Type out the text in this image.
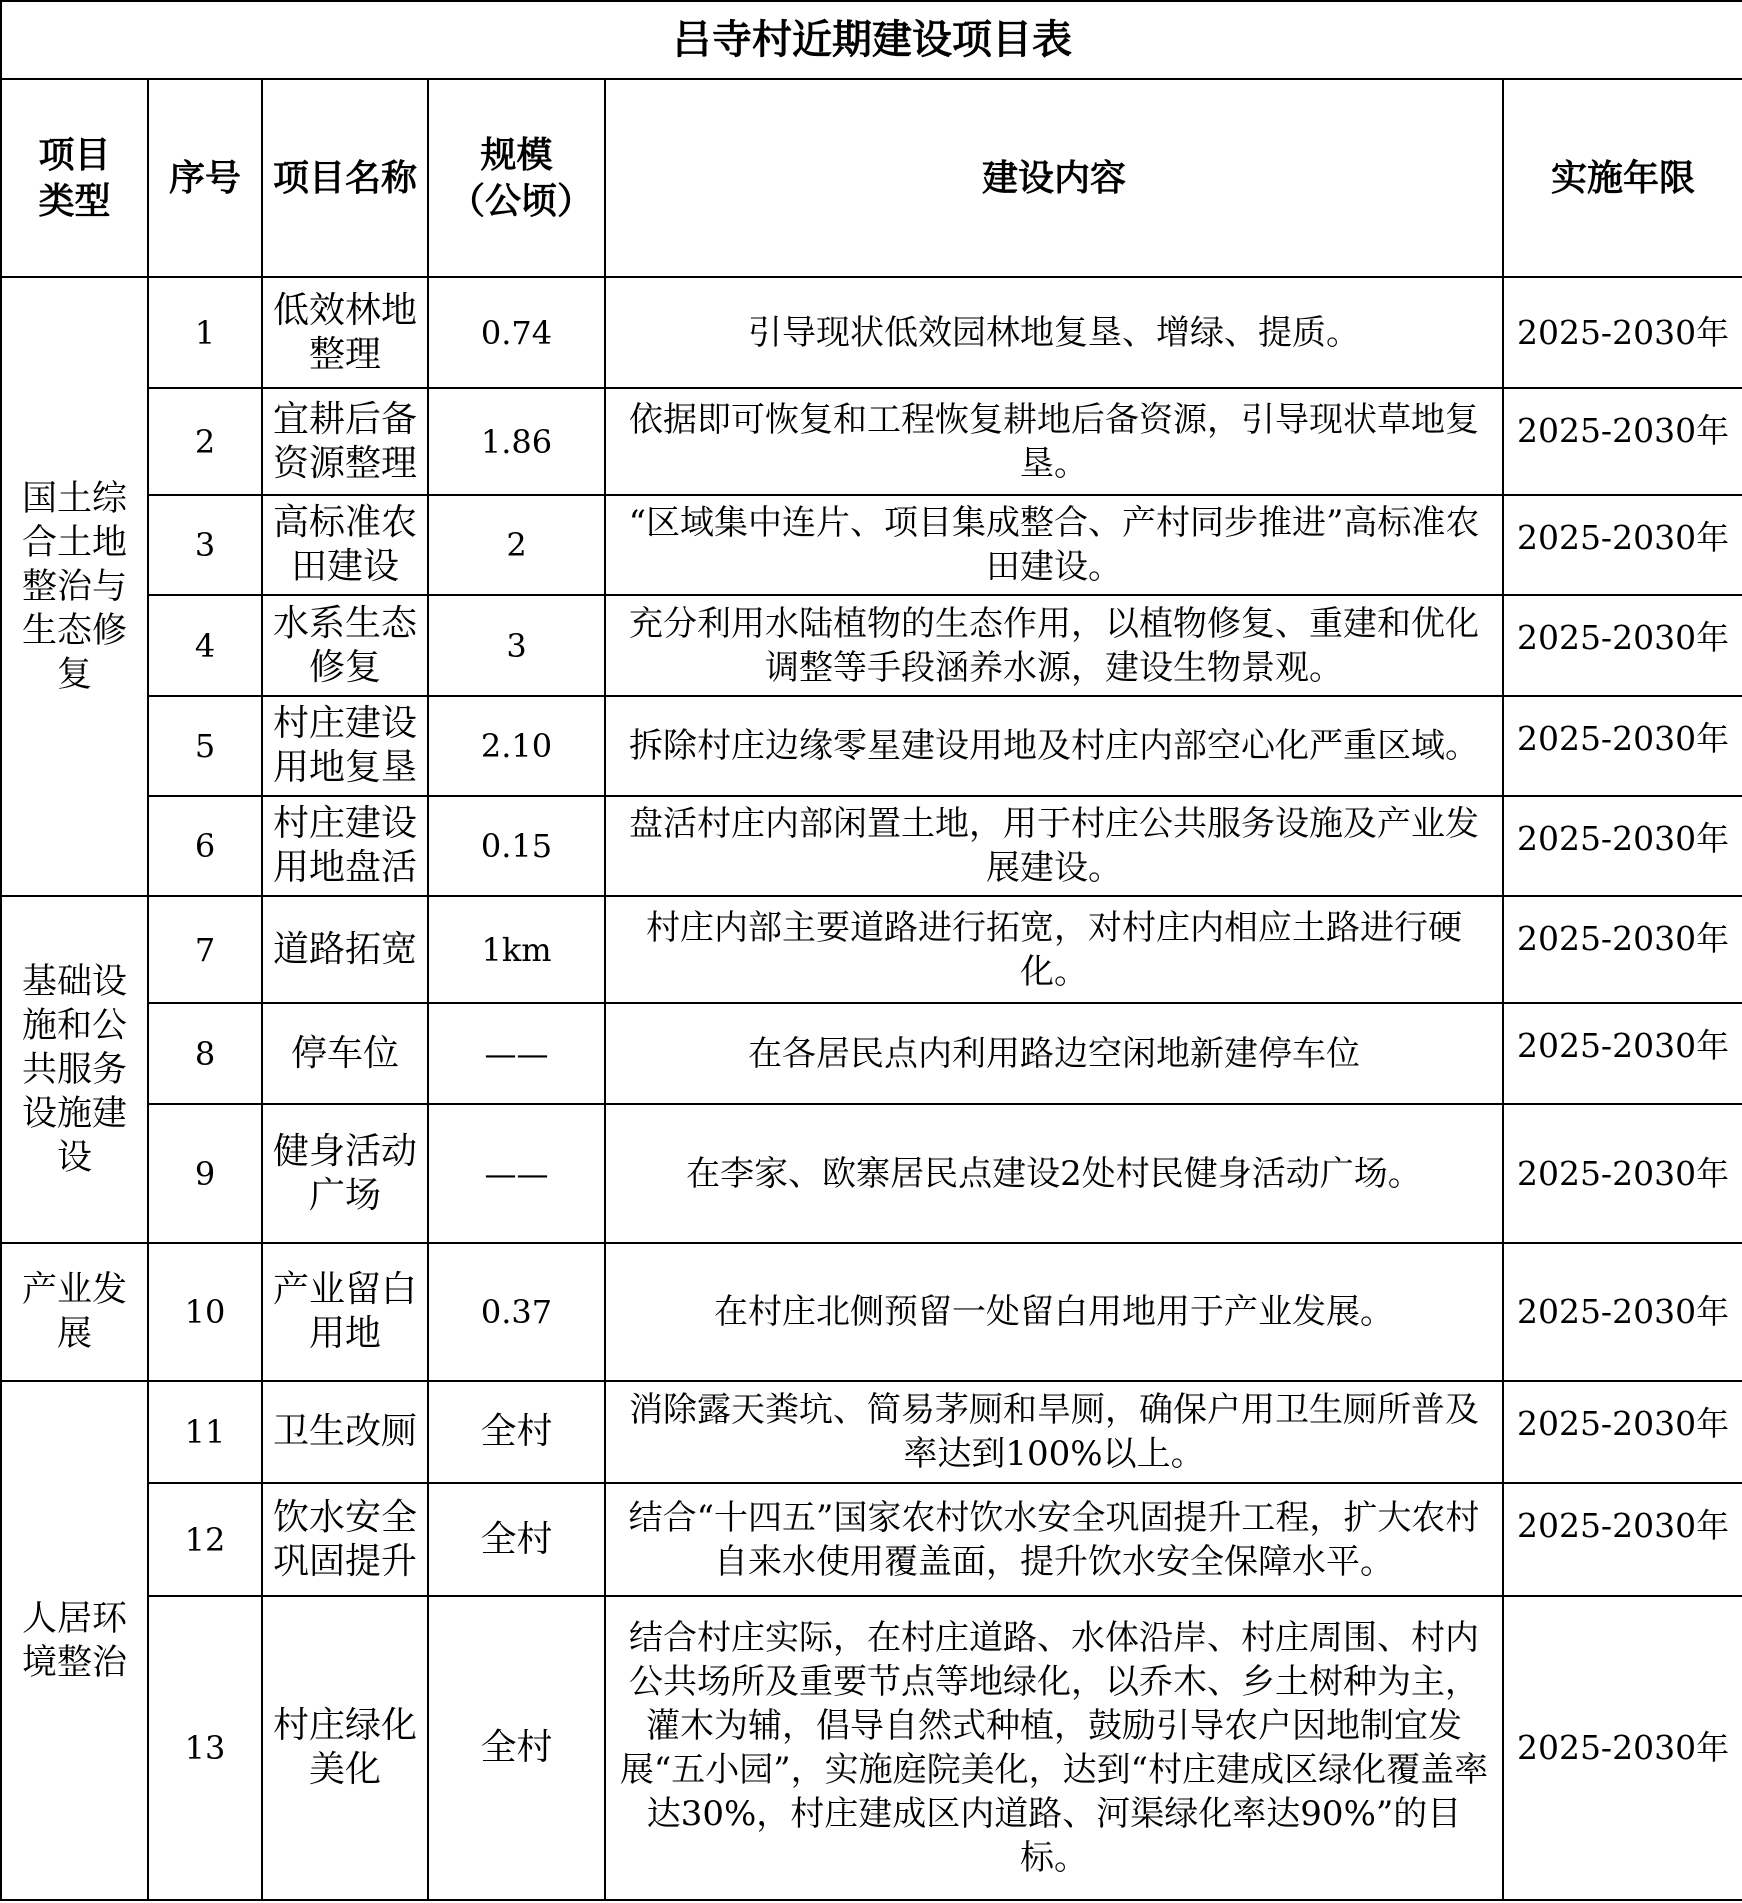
吕寺村近期建设项目表					
项目类型	序号	项目名称	规模（公顷）	建设内容	实施年限
国土综合土地整治与生态修复	1	低效林地整理	0.74	引导现状低效园林地复垦、增绿、提质。	2025-2030年
	2	宜耕后备资源整理	1.86	依据即可恢复和工程恢复耕地后备资源，引导现状草地复垦。	2025-2030年
	3	高标准农田建设	2	“区域集中连片、项目集成整合、产村同步推进”高标准农田建设。	2025-2030年
	4	水系生态修复	3	充分利用水陆植物的生态作用，以植物修复、重建和优化调整等手段涵养水源，建设生物景观。	2025-2030年
	5	村庄建设用地复垦	2.10	拆除村庄边缘零星建设用地及村庄内部空心化严重区域。	2025-2030年
	6	村庄建设用地盘活	0.15	盘活村庄内部闲置土地，用于村庄公共服务设施及产业发展建设。	2025-2030年
基础设施和公共服务设施建设	7	道路拓宽	1km	村庄内部主要道路进行拓宽，对村庄内相应土路进行硬化。	2025-2030年
	8	停车位	——	在各居民点内利用路边空闲地新建停车位	2025-2030年
	9	健身活动广场	——	在李家、欧寨居民点建设2处村民健身活动广场。	2025-2030年
产业发展	10	产业留白用地	0.37	在村庄北侧预留一处留白用地用于产业发展。	2025-2030年
人居环境整治	11	卫生改厕	全村	消除露天粪坑、简易茅厕和旱厕，确保户用卫生厕所普及率达到100%以上。	2025-2030年
	12	饮水安全巩固提升	全村	结合“十四五”国家农村饮水安全巩固提升工程，扩大农村自来水使用覆盖面，提升饮水安全保障水平。	2025-2030年
	13	村庄绿化美化	全村	结合村庄实际，在村庄道路、水体沿岸、村庄周围、村内公共场所及重要节点等地绿化，以乔木、乡土树种为主，灌木为辅，倡导自然式种植，鼓励引导农户因地制宜发展“五小园”，实施庭院美化，达到“村庄建成区绿化覆盖率达30%，村庄建成区内道路、河渠绿化率达90%”的目标。	2025-2030年
